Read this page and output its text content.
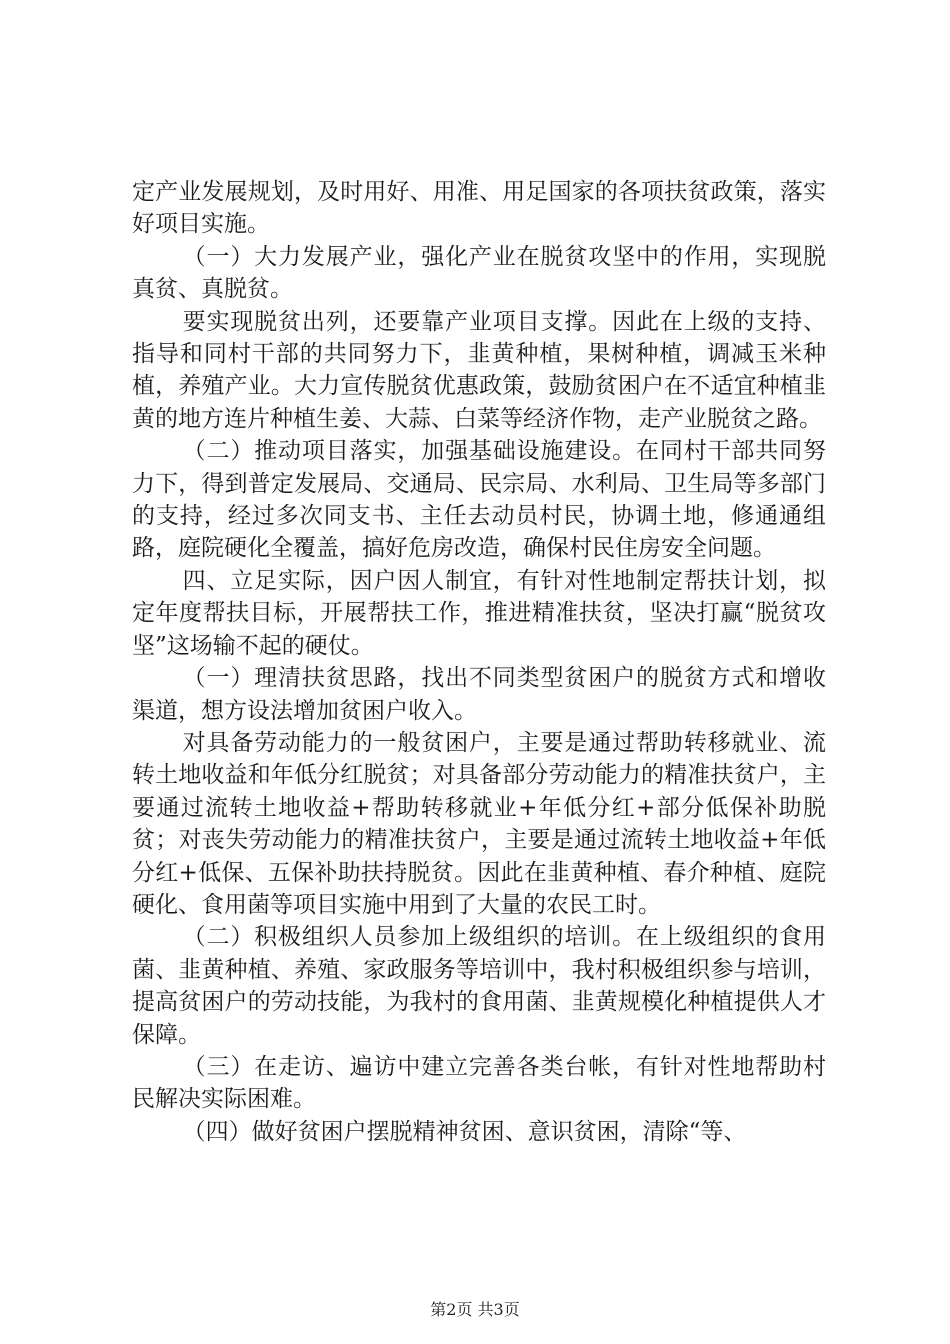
定产业发展规划，及时用好、用准、用足国家的各项扶贫政策，落实好项目实施。

（一）大力发展产业，强化产业在脱贫攻坚中的作用，实现脱真贫、真脱贫。

要实现脱贫出列，还要靠产业项目支撑。因此在上级的支持、指导和同村干部的共同努力下，韭黄种植，果树种植，调减玉米种植，养殖产业。大力宣传脱贫优惠政策，鼓励贫困户在不适宜种植韭黄的地方连片种植生姜、大蒜、白菜等经济作物，走产业脱贫之路。

（二）推动项目落实，加强基础设施建设。在同村干部共同努力下，得到普定发展局、交通局、民宗局、水利局、卫生局等多部门的支持，经过多次同支书、主任去动员村民，协调土地，修通通组路，庭院硬化全覆盖，搞好危房改造，确保村民住房安全问题。

四、立足实际，因户因人制宜，有针对性地制定帮扶计划，拟定年度帮扶目标，开展帮扶工作，推进精准扶贫，坚决打赢“脱贫攻坚”这场输不起的硬仗。

（一）理清扶贫思路，找出不同类型贫困户的脱贫方式和增收渠道，想方设法增加贫困户收入。

对具备劳动能力的一般贫困户，主要是通过帮助转移就业、流转土地收益和年低分红脱贫；对具备部分劳动能力的精准扶贫户，主要通过流转土地收益+帮助转移就业+年低分红+部分低保补助脱贫；对丧失劳动能力的精准扶贫户，主要是通过流转土地收益+年低分红+低保、五保补助扶持脱贫。因此在韭黄种植、春介种植、庭院硬化、食用菌等项目实施中用到了大量的农民工时。

（二）积极组织人员参加上级组织的培训。在上级组织的食用菌、韭黄种植、养殖、家政服务等培训中，我村积极组织参与培训，提高贫困户的劳动技能，为我村的食用菌、韭黄规模化种植提供人才保障。

（三）在走访、遍访中建立完善各类台帐，有针对性地帮助村民解决实际困难。

（四）做好贫困户摆脱精神贫困、意识贫困，清除“等、

第2页 共3页
